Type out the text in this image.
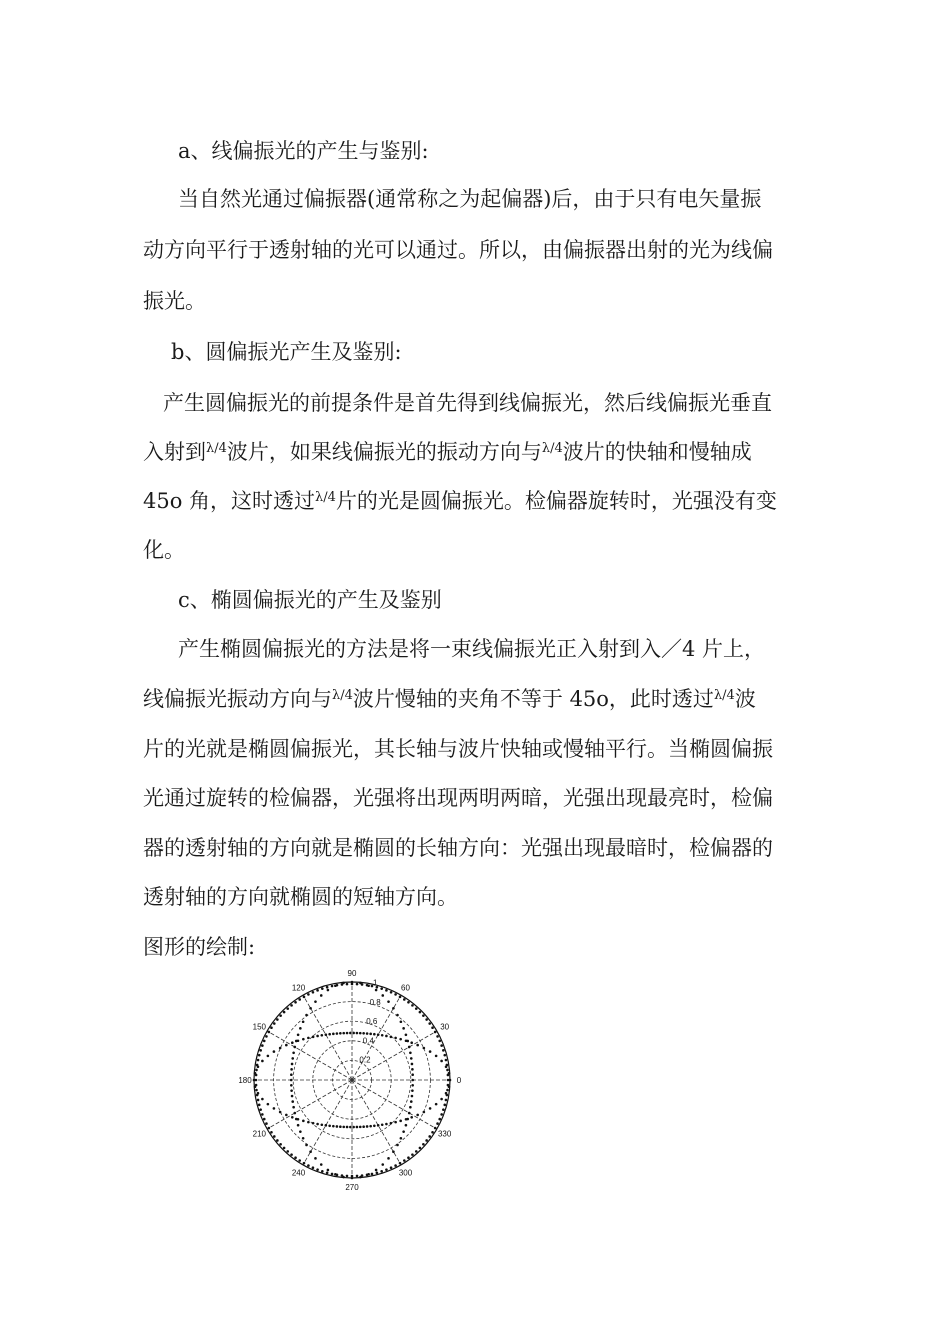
a、线偏振光的产生与鉴别:
当自然光通过偏振器(通常称之为起偏器)后，由于只有电矢量振
动方向平行于透射轴的光可以通过。所以，由偏振器出射的光为线偏
振光。
b、圆偏振光产生及鉴别:
产生圆偏振光的前提条件是首先得到线偏振光，然后线偏振光垂直
入射到$^{\lambda/4}$波片，如果线偏振光的振动方向与$^{\lambda/4}$波片的快轴和慢轴成
45o 角，这时透过$^{\lambda/4}$片的光是圆偏振光。检偏器旋转时，光强没有变
化。
c、椭圆偏振光的产生及鉴别
产生椭圆偏振光的方法是将一束线偏振光正入射到入／4 片上，
线偏振光振动方向与$^{\lambda/4}$波片慢轴的夹角不等于 45o，此时透过$^{\lambda/4}$波
片的光就是椭圆偏振光，其长轴与波片快轴或慢轴平行。当椭圆偏振
光通过旋转的检偏器，光强将出现两明两暗，光强出现最亮时，检偏
器的透射轴的方向就是椭圆的长轴方向：光强出现最暗时，检偏器的
透射轴的方向就椭圆的短轴方向。
图形的绘制:
90
60
30
0
330
300
270
240
210
180
150
120
1
0.8
0.6
0.4
0.2
